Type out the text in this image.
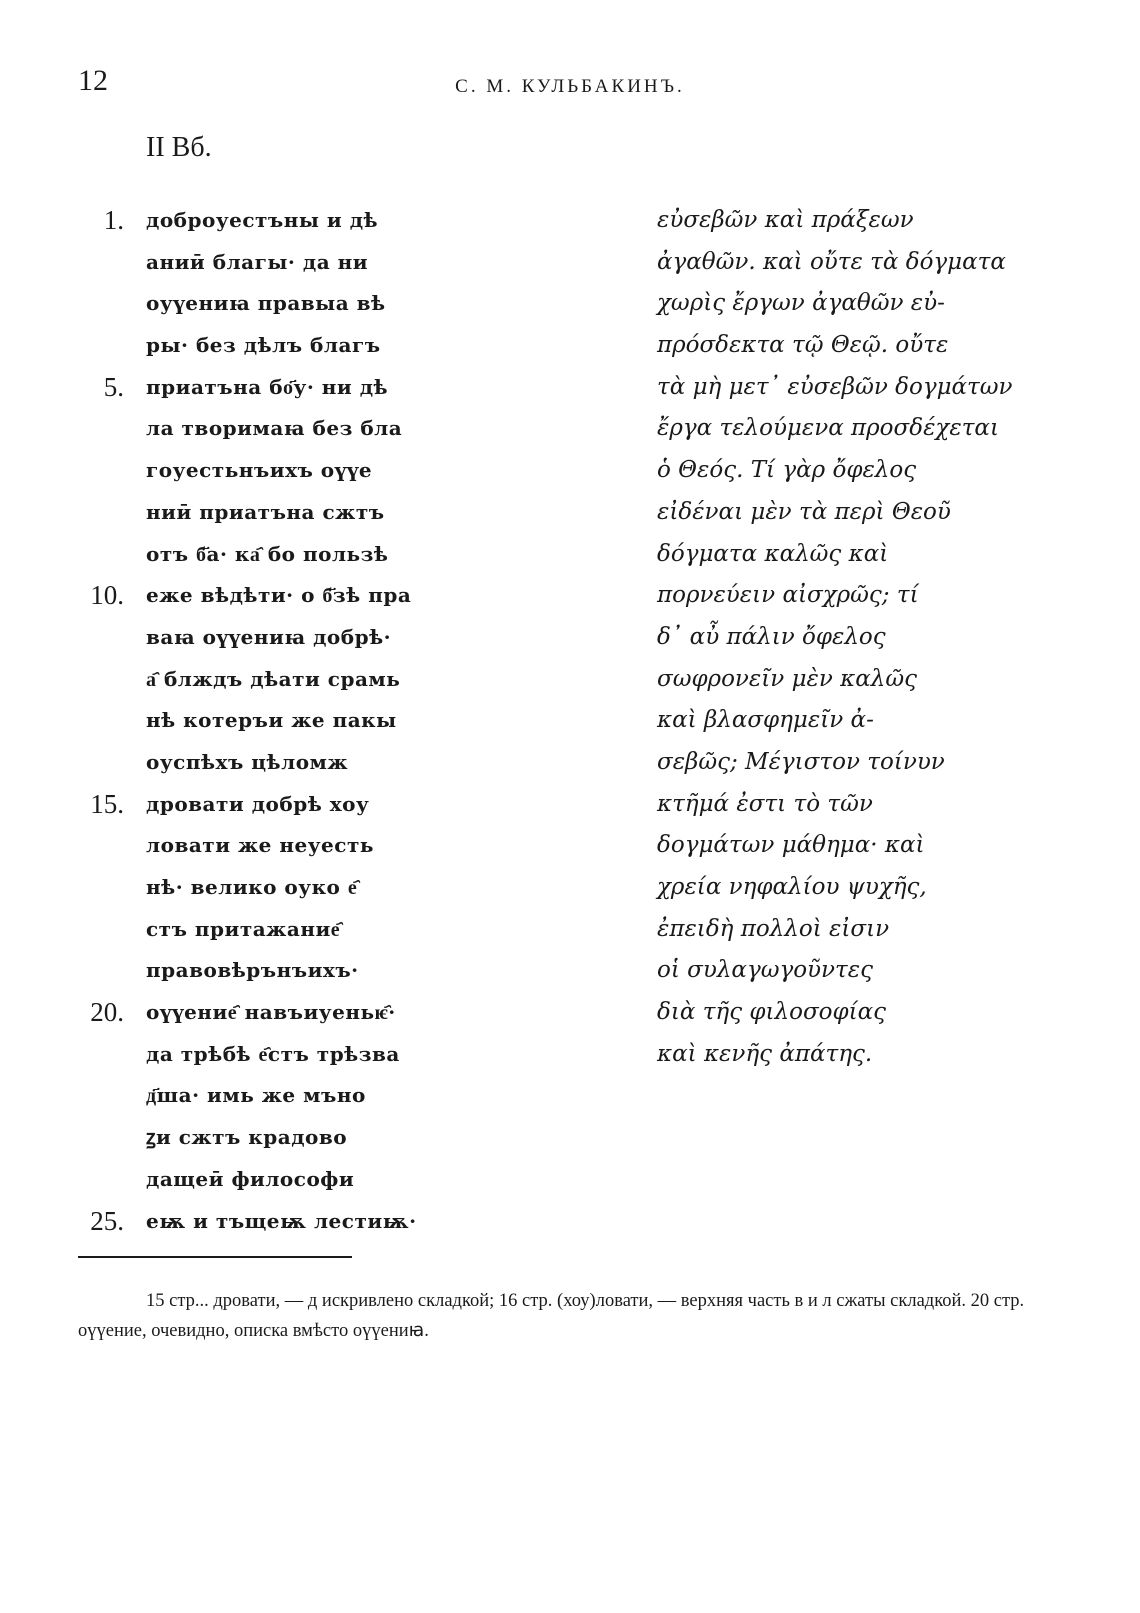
12	С. М. КУЛЬБАКИНЪ.
II Вб.
1. доброуестъны и дѣ
аниӣ благы· да ни
оуүениꙗ правыа вѣ
ры· без дѣлъ благъ
5. приатъна бо҃у· ни дѣ
ла творимаꙗ без бла
гоуестьнъихъ оүүе
ниӣ приатъна сжтъ
отъ б҃а· ка҄ бо пользѣ
10. еже вѣдѣти· о б҃зѣ пра
ваꙗ оүүениꙗ добрѣ·
а҄ блждъ дѣати срамь
нѣ котеръи же пакы
оуспѣхъ цѣломж
15. дровати добрѣ хоу
ловати же неуесть
нѣ· велико оуко е҄
стъ притажание҄
правовѣрънъихъ·
20. оүүение҄ навъиуеньѥ҄·
да трѣбѣ е҄стъ трѣзва
д҃ша· имь же мъно
ꙁи сжтъ крадово
дащеӣ философи
25. еѭ и тъщеѭ лестиѭ·
εὐσεβῶν καὶ πράξεων
ἀγαθῶν. καὶ οὔτε τὰ δόγματα
χωρὶς ἔργων ἀγαθῶν εὐ-
πρόσδεκτα τῷ Θεῷ. οὔτε
τὰ μὴ μετ᾿ εὐσεβῶν δογμάτων
ἔργα τελούμενα προσδέχεται
ὁ Θεός. Τί γὰρ ὄφελος
εἰδέναι μὲν τὰ περὶ Θεοῦ
δόγματα καλῶς καὶ
πορνεύειν αἰσχρῶς; τί
δ᾿ αὖ πάλιν ὄφελος
σωφρονεῖν μὲν καλῶς
καὶ βλασφημεῖν ἀ-
σεβῶς; Μέγιστον τοίνυν
κτῆμά ἐστι τὸ τῶν
δογμάτων μάθημα· καὶ
χρεία νηφαλίου ψυχῆς,
ἐπειδὴ πολλοὶ εἰσιν
οἱ συλαγωγοῦντες
διὰ τῆς φιλοσοφίας
καὶ κενῆς ἀπάτης.
15 стр... дровати, — д искривлено складкой; 16 стр. (хоу)ловати, — верхняя часть в и л сжаты складкой. 20 стр. оүүение, очевидно, описка вмѣсто оүүениꙗ.
